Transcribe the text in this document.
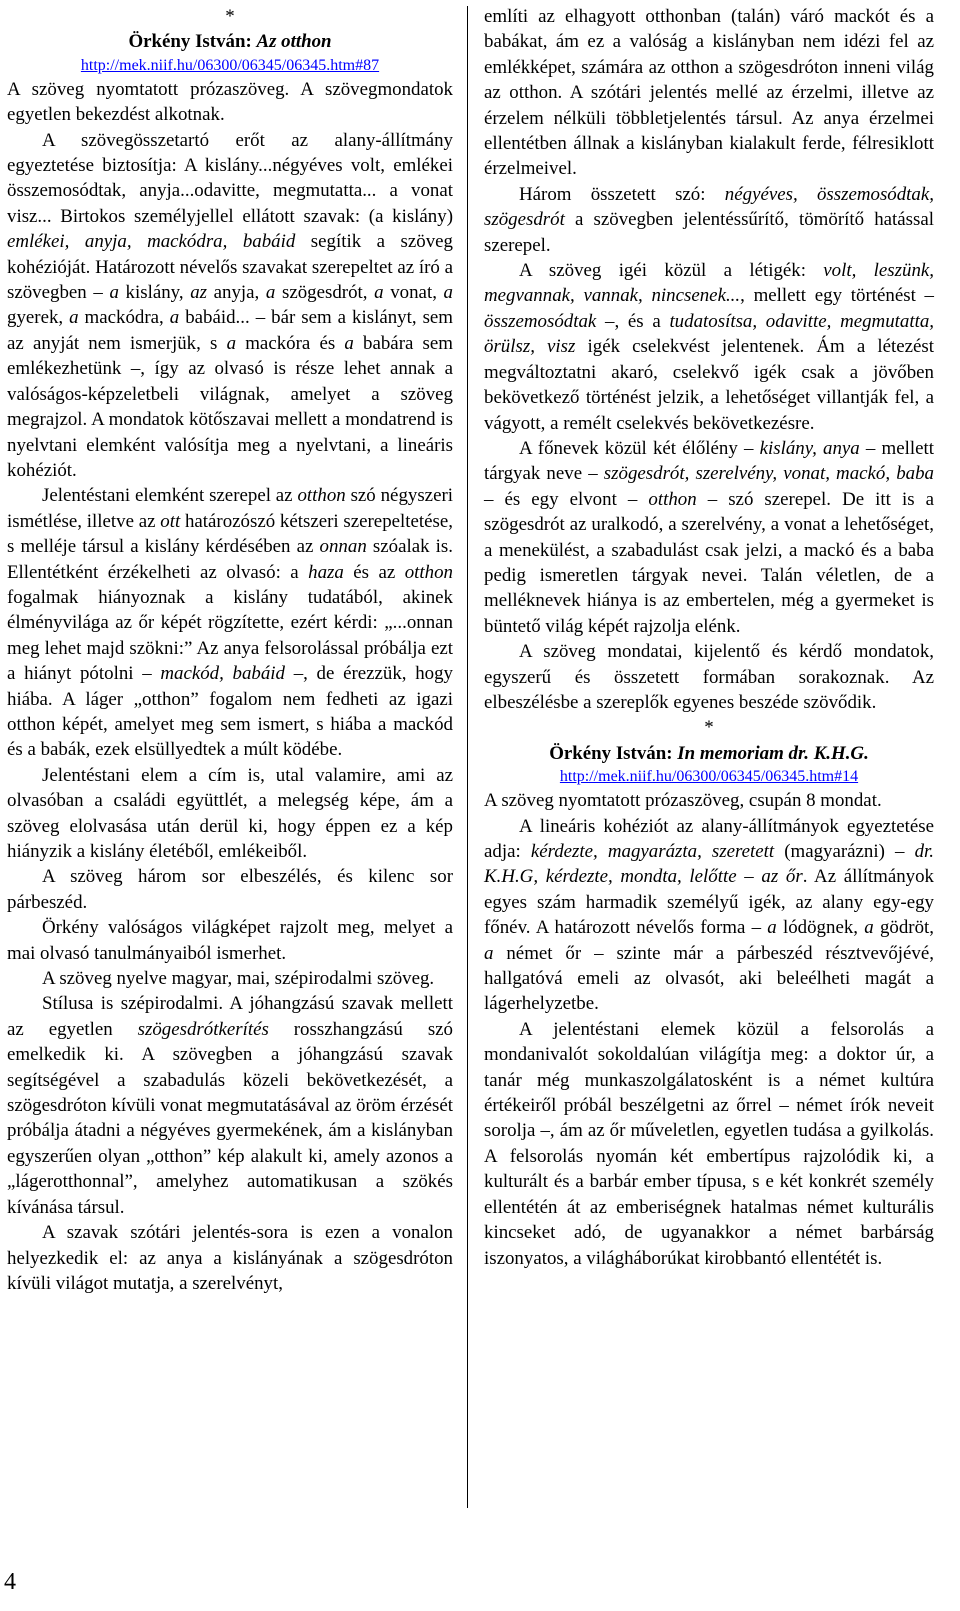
*

Örkény István: Az otthon

http://mek.niif.hu/06300/06345/06345.htm#87

A szöveg nyomtatott prózaszöveg. A szövegmondatok egyetlen bekezdést alkotnak.

A szövegösszetartó erőt az alany-állítmány egyeztetése biztosítja: A kislány...négyéves volt, emlékei összemosódtak, anyja...odavitte, megmutatta... a vonat visz... Birtokos személyjellel ellátott szavak: (a kislány) emlékei, anyja, mackódra, babáid segítik a szöveg kohézióját. Határozott névelős szavakat szerepeltet az író a szövegben – a kislány, az anyja, a szögesdrót, a vonat, a gyerek, a mackódra, a babáid... – bár sem a kislányt, sem az anyját nem ismerjük, s a mackóra és a babára sem emlékezhetünk –, így az olvasó is része lehet annak a valóságos-képzeletbeli világnak, amelyet a szöveg megrajzol. A mondatok kötőszavai mellett a mondatrend is nyelvtani elemként valósítja meg a nyelvtani, a lineáris kohéziót.

Jelentéstani elemként szerepel az otthon szó négyszeri ismétlése, illetve az ott határozószó kétszeri szerepeltetése, s melléje társul a kislány kérdésében az onnan szóalak is. Ellentétként érzékelheti az olvasó: a haza és az otthon fogalmak hiányoznak a kislány tudatából, akinek élményvilága az őr képét rögzítette, ezért kérdi: „...onnan meg lehet majd szökni:” Az anya felsorolással próbálja ezt a hiányt pótolni – mackód, babáid –, de érezzük, hogy hiába. A láger „otthon” fogalom nem fedheti az igazi otthon képét, amelyet meg sem ismert, s hiába a mackód és a babák, ezek elsüllyedtek a múlt ködébe.

Jelentéstani elem a cím is, utal valamire, ami az olvasóban a családi együttlét, a melegség képe, ám a szöveg elolvasása után derül ki, hogy éppen ez a kép hiányzik a kislány életéből, emlékeiből.

A szöveg három sor elbeszélés, és kilenc sor párbeszéd.

Örkény valóságos világképet rajzolt meg, melyet a mai olvasó tanulmányaiból ismerhet.

A szöveg nyelve magyar, mai, szépirodalmi szöveg.

Stílusa is szépirodalmi. A jóhangzású szavak mellett az egyetlen szögesdrótkerítés rosszhangzású szó emelkedik ki. A szövegben a jóhangzású szavak segítségével a szabadulás közeli bekövetkezését, a szögesdróton kívüli vonat megmutatásával az öröm érzését próbálja átadni a négyéves gyermekének, ám a kislányban egyszerűen olyan „otthon” kép alakult ki, amely azonos a „lágerotthonnal”, amelyhez automatikusan a szökés kívánása társul.

A szavak szótári jelentés-sora is ezen a vonalon helyezkedik el: az anya a kislányának a szögesdróton kívüli világot mutatja, a szerelvényt,

említi az elhagyott otthonban (talán) váró mackót és a babákat, ám ez a valóság a kislányban nem idézi fel az emlékképet, számára az otthon a szögesdróton inneni világ az otthon. A szótári jelentés mellé az érzelmi, illetve az érzelem nélküli többletjelentés társul. Az anya érzelmei ellentétben állnak a kislányban kialakult ferde, félresiklott érzelmeivel.

Három összetett szó: négyéves, összemosódtak, szögesdrót a szövegben jelentéssűrítő, tömörítő hatással szerepel.

A szöveg igéi közül a létigék: volt, leszünk, megvannak, vannak, nincsenek..., mellett egy történést – összemosódtak –, és a tudatosítsa, odavitte, megmutatta, örülsz, visz igék cselekvést jelentenek. Ám a létezést megváltoztatni akaró, cselekvő igék csak a jövőben bekövetkező történést jelzik, a lehetőséget villantják fel, a vágyott, a remélt cselekvés bekövetkezésre.

A főnevek közül két élőlény – kislány, anya – mellett tárgyak neve – szögesdrót, szerelvény, vonat, mackó, baba – és egy elvont – otthon – szó szerepel. De itt is a szögesdrót az uralkodó, a szerelvény, a vonat a lehetőséget, a menekülést, a szabadulást csak jelzi, a mackó és a baba pedig ismeretlen tárgyak nevei. Talán véletlen, de a melléknevek hiánya is az embertelen, még a gyermeket is büntető világ képét rajzolja elénk.

A szöveg mondatai, kijelentő és kérdő mondatok, egyszerű és összetett formában sorakoznak. Az elbeszélésbe a szereplők egyenes beszéde szövődik.

*

Örkény István: In memoriam dr. K.H.G.

http://mek.niif.hu/06300/06345/06345.htm#14

A szöveg nyomtatott prózaszöveg, csupán 8 mondat.

A lineáris kohéziót az alany-állítmányok egyeztetése adja: kérdezte, magyarázta, szeretett (magyarázni) – dr. K.H.G, kérdezte, mondta, lelőtte – az őr. Az állítmányok egyes szám harmadik személyű igék, az alany egy-egy főnév. A határozott névelős forma – a lódögnek, a gödröt, a német őr – szinte már a párbeszéd résztvevőjévé, hallgatóvá emeli az olvasót, aki beleélheti magát a lágerhelyzetbe.

A jelentéstani elemek közül a felsorolás a mondanivalót sokoldalúan világítja meg: a doktor úr, a tanár még munkaszolgálatosként is a német kultúra értékeiről próbál beszélgetni az őrrel – német írók neveit sorolja –, ám az őr műveletlen, egyetlen tudása a gyilkolás. A felsorolás nyomán két embertípus rajzolódik ki, a kulturált és a barbár ember típusa, s e két konkrét személy ellentétén át az emberiségnek hatalmas német kulturális kincseket adó, de ugyanakkor a német barbárság iszonyatos, a világháborúkat kirobbantó ellentétét is.

4
